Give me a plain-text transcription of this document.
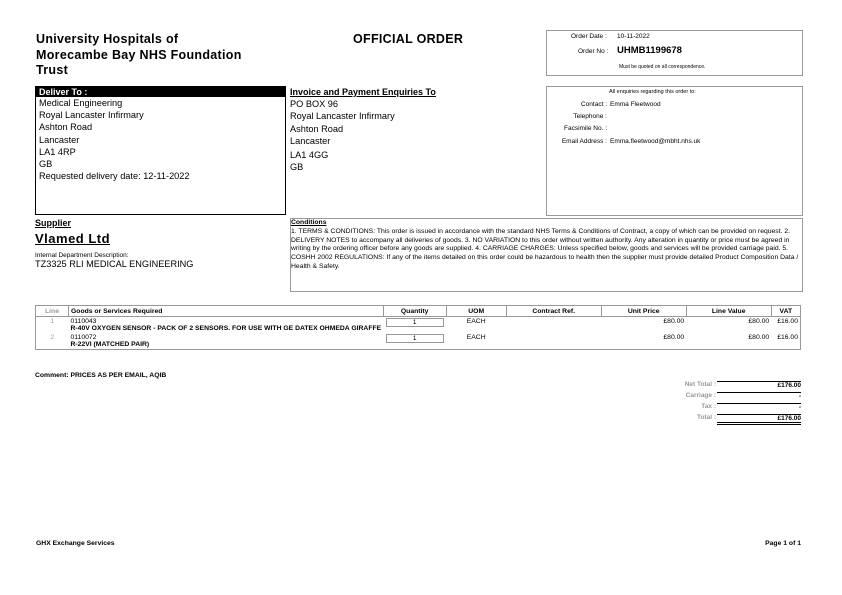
University Hospitals of
Morecambe Bay NHS Foundation
Trust
OFFICIAL ORDER	Order Date : 10-11-2022
Order No : UHMB1199678
Must be quoted on all correspondence.
Deliver To :
Medical Engineering
Royal Lancaster Infirmary
Ashton Road
Lancaster
LA1 4RP
GB
Requested delivery date: 12-11-2022
Invoice and Payment Enquiries To
PO BOX 96
Royal Lancaster Infirmary
Ashton Road
Lancaster
LA1 4GG
GB
All enquiries regarding this order to:
Contact : Emma Fleetwood
Telephone :
Facsimile No. :
Email Address : Emma.fleetwood@mbht.nhs.uk
Supplier
Vlamed Ltd
Internal Department Description:
TZ3325 RLI MEDICAL ENGINEERING
Conditions
1. TERMS & CONDITIONS: This order is issued in accordance with the standard NHS Terms & Conditions of Contract, a copy of which can be provided on request. 2. DELIVERY NOTES to accompany all deliveries of goods. 3. NO VARIATION to this order without written authority. Any alteration in quantity or price must be agreed in writing by the ordering officer before any goods are supplied. 4. CARRIAGE CHARGES: Unless specified below, goods and services will be provided carriage paid. 5. COSHH 2002 REGULATIONS: If any of the items detailed on this order could be hazardous to health then the supplier must provide detailed Product Composition Data / Health & Safety.
Line	Goods or Services Required	Quantity	UOM	Contract Ref.	Unit Price	Line Value	VAT
1	0110043
R-40V OXYGEN SENSOR - PACK OF 2 SENSORS. FOR USE WITH GE DATEX OHMEDA GIRAFFE	1	EACH		£80.00	£80.00	£16.00
2	0110072
R-22VI (MATCHED PAIR)	1	EACH		£80.00	£80.00	£16.00
Comment: PRICES AS PER EMAIL, AQIB
Net Total :	£176.00
Carriage :	-
Tax :	-
Total :	£176.00
GHX Exchange Services	Page 1 of 1
